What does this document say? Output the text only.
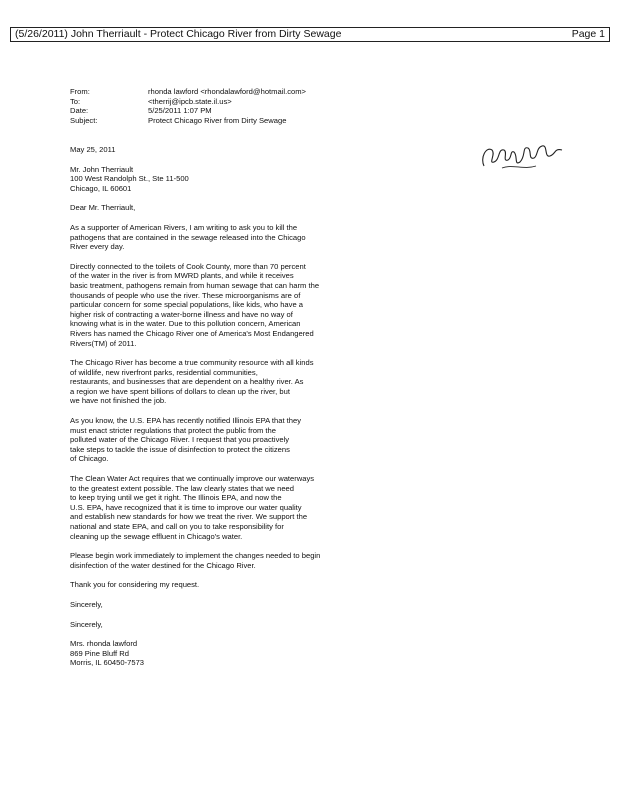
(5/26/2011) John Therriault - Protect Chicago River from Dirty Sewage	Page 1
From:	rhonda lawford <rhondalawford@hotmail.com>
To:	<therrij@ipcb.state.il.us>
Date:	5/25/2011 1:07 PM
Subject:	Protect Chicago River from Dirty Sewage

May 25, 2011

Mr. John Therriault
100 West Randolph St., Ste 11-500
Chicago, IL 60601

Dear Mr. Therriault,

As a supporter of American Rivers, I am writing to ask you to kill the
pathogens that are contained in the sewage released into the Chicago
River every day.

Directly connected to the toilets of Cook County, more than 70 percent
of the water in the river is from MWRD plants, and while it receives
basic treatment, pathogens remain from human sewage that can harm the
thousands of people who use the river. These microorganisms are of
particular concern for some special populations, like kids, who have a
higher risk of contracting a water-borne illness and have no way of
knowing what is in the water. Due to this pollution concern, American
Rivers has named the Chicago River one of America's Most Endangered
Rivers(TM) of 2011.

The Chicago River has become a true community resource with all kinds
of wildlife, new riverfront parks, residential communities,
restaurants, and businesses that are dependent on a healthy river. As
a region we have spent billions of dollars to clean up the river, but
we have not finished the job.

As you know, the U.S. EPA has recently notified Illinois EPA that they
must enact stricter regulations that protect the public from the
polluted water of the Chicago River. I request that you proactively
take steps to tackle the issue of disinfection to protect the citizens
of Chicago.

The Clean Water Act requires that we continually improve our waterways
to the greatest extent possible. The law clearly states that we need
to keep trying until we get it right. The Illinois EPA, and now the
U.S. EPA, have recognized that it is time to improve our water quality
and establish new standards for how we treat the river. We support the
national and state EPA, and call on you to take responsibility for
cleaning up the sewage effluent in Chicago's water.

Please begin work immediately to implement the changes needed to begin
disinfection of the water destined for the Chicago River.

Thank you for considering my request.

Sincerely,

Sincerely,

Mrs. rhonda lawford
869 Pine Bluff Rd
Morris, IL 60450-7573
